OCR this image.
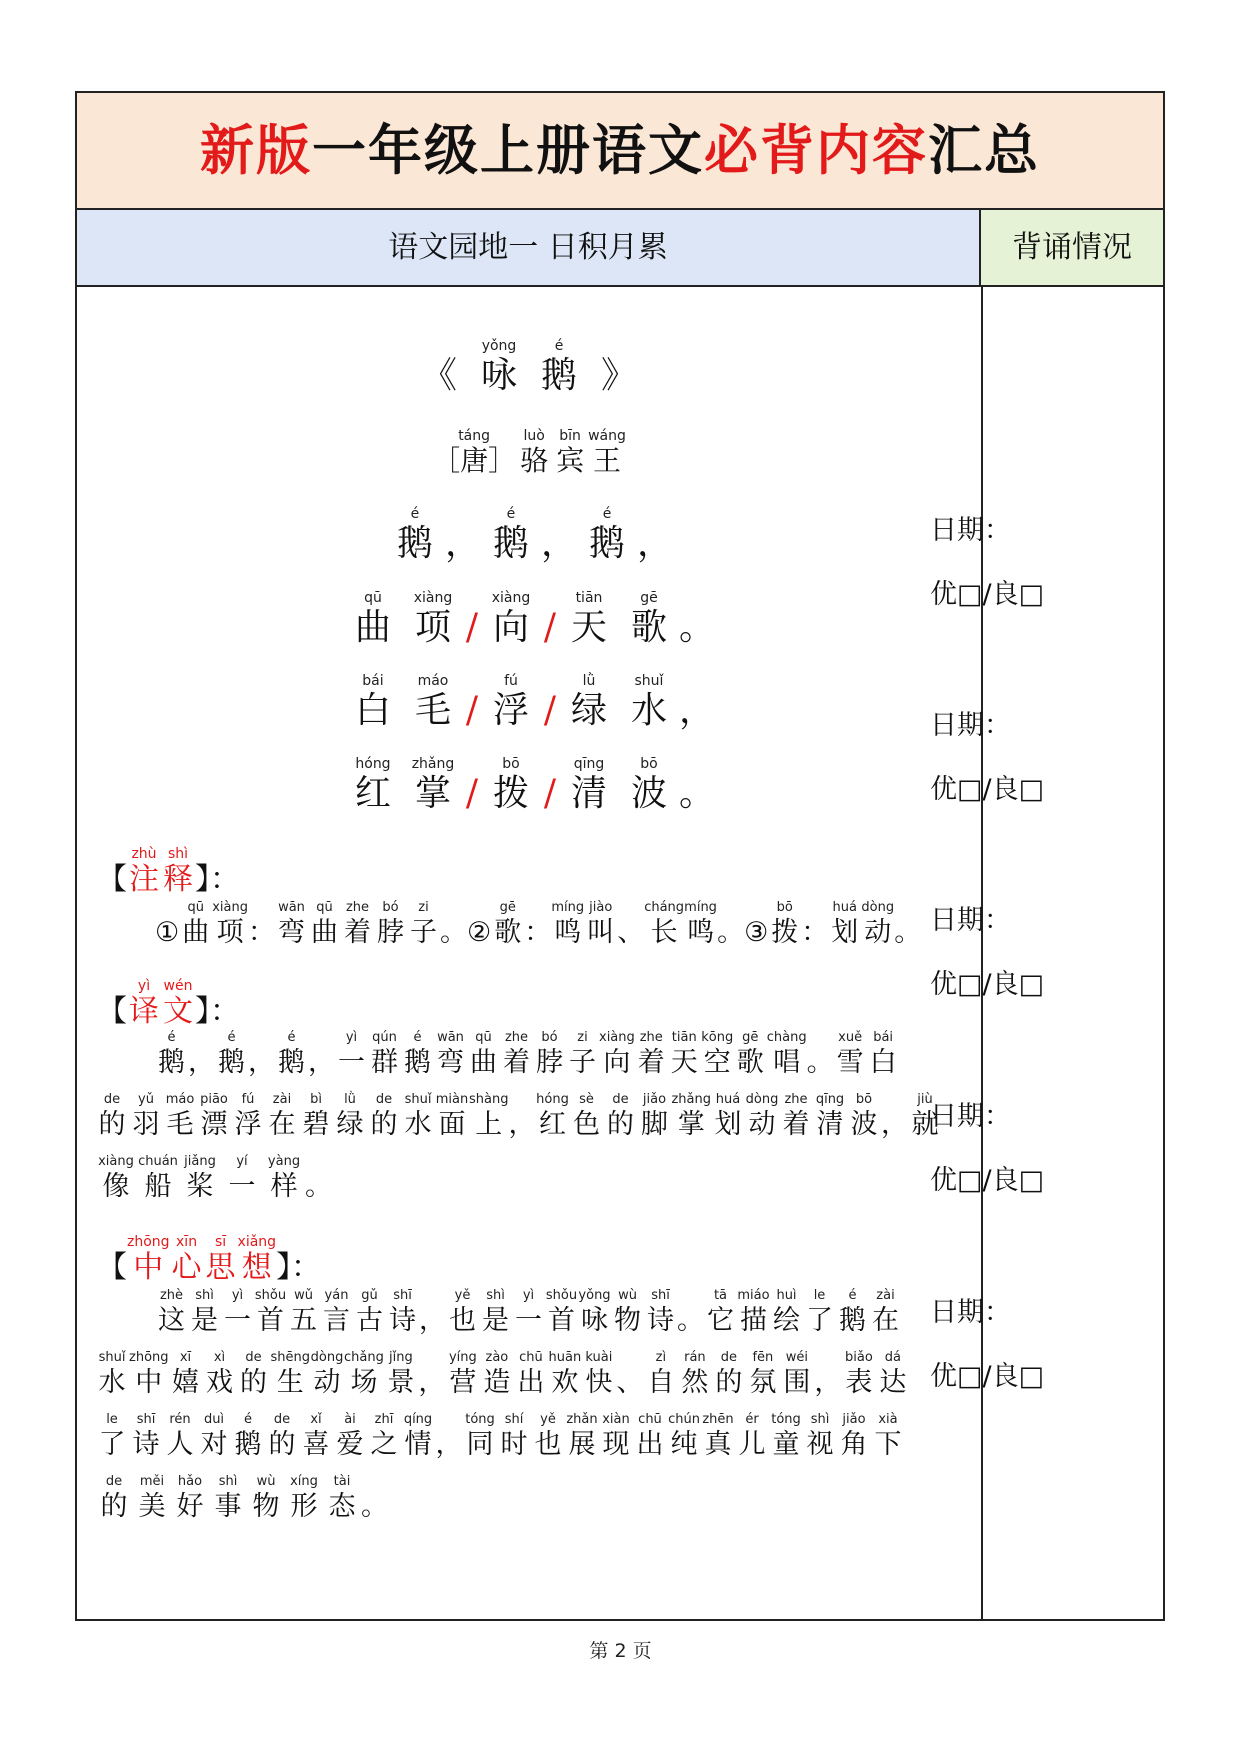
新版一年级上册语文必背内容汇总
语文园地一 日积月累	背诵情况
《
yǒng
咏
é
鹅 》
táng
［唐］
luò
骆
bīn
宾
wáng
王
é
鹅 ，
é
鹅 ，
é
鹅 ，
qū
曲
xiàng
项 /
xiàng
向 /
tiān
天
gē
歌 。
bái
白
máo
毛 /
fú
浮 /
lǜ
绿
shuǐ
水 ，
hóng
红
zhǎng
掌 /
bō
拨 /
qīng
清
bō
波 。
【
zhù
注
shì
释 】：
①
qū
曲
xiàng
项 ：
wān
弯
qū
曲
zhe
着
bó
脖
zi
子 。 ②
gē
歌 ：
míng
鸣
jiào
叫 、
cháng
长
míng
鸣 。 ③
bō
拨 ：
huá
划
dòng
动 。
【
yì
译
wén
文 】：
é
鹅 ，
é
鹅 ，
é
鹅 ，
yì
一
qún
群
é
鹅
wān
弯
qū
曲
zhe
着
bó
脖
zi
子
xiàng
向
zhe
着
tiān
天
kōng
空
gē
歌
chàng
唱 。
xuě
雪
bái
白
de
的
yǔ
羽
máo
毛
piāo
漂
fú
浮
zài
在
bì
碧
lǜ
绿
de
的
shuǐ
水
miàn
面
shàng
上 ，
hóng
红
sè
色
de
的
jiǎo
脚
zhǎng
掌
huá
划
dòng
动
zhe
着
qīng
清
bō
波 ，
jiù
就
xiàng
像
chuán
船
jiǎng
桨
yí
一
yàng
样 。
【
zhōng
中
xīn
心
sī
思
xiǎng
想 】：
zhè
这
shì
是
yì
一
shǒu
首
wǔ
五
yán
言
gǔ
古
shī
诗 ，
yě
也
shì
是
yì
一
shǒu
首
yǒng
咏
wù
物
shī
诗 。
tā
它
miáo
描
huì
绘
le
了
é
鹅
zài
在
shuǐ
水
zhōng
中
xī
嬉
xì
戏
de
的
shēng
生
dòng
动
chǎng
场
jǐng
景 ，
yíng
营
zào
造
chū
出
huān
欢
kuài
快 、
zì
自
rán
然
de
的
fēn
氛
wéi
围 ，
biǎo
表
dá
达
le
了
shī
诗
rén
人
duì
对
é
鹅
de
的
xǐ
喜
ài
爱
zhī
之
qíng
情 ，
tóng
同
shí
时
yě
也
zhǎn
展
xiàn
现
chū
出
chún
纯
zhēn
真
ér
儿
tóng
童
shì
视
jiǎo
角
xià
下
de
的
měi
美
hǎo
好
shì
事
wù
物
xíng
形
tài
态 。
日期：
优□/良□
日期：
优□/良□
日期：
优□/良□
日期：
优□/良□
日期：
优□/良□
第 2 页
